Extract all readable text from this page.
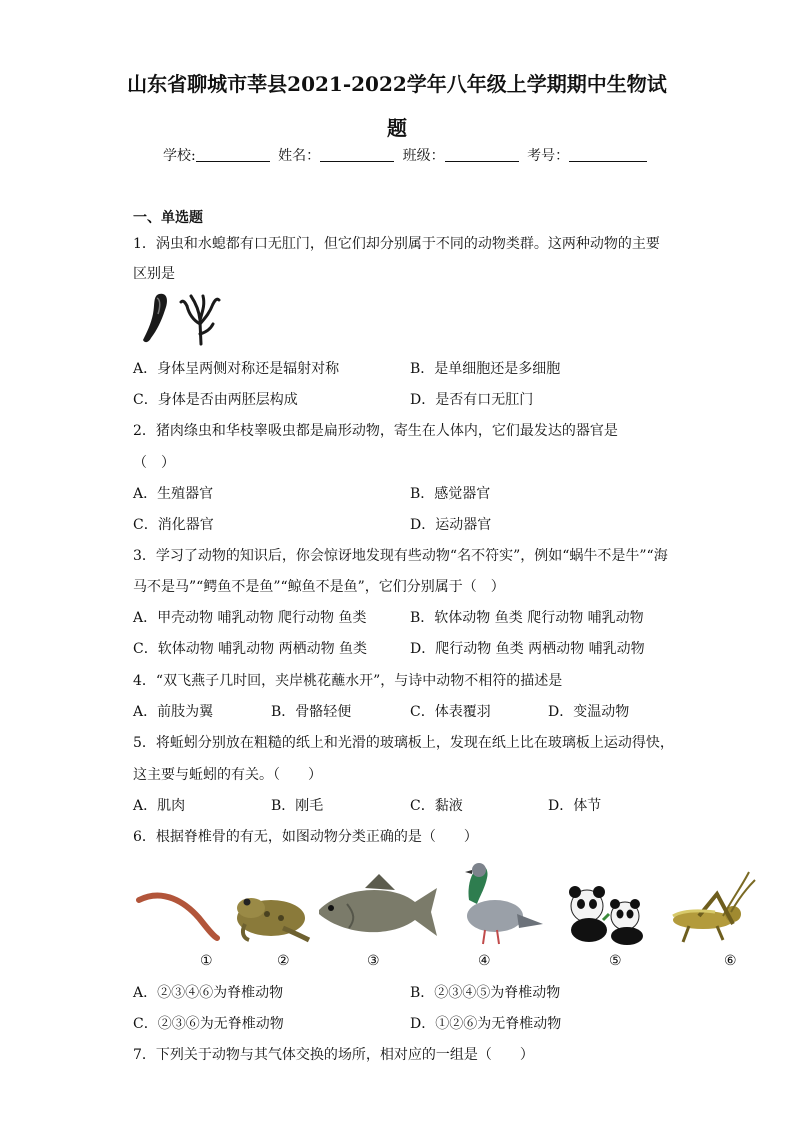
山东省聊城市莘县2021-2022学年八年级上学期期中生物试
题
学校:	姓名：	班级：	考号：
一、单选题
1．涡虫和水螅都有口无肛门，但它们却分别属于不同的动物类群。这两种动物的主要
区别是
A．身体呈两侧对称还是辐射对称	B．是单细胞还是多细胞
C．身体是否由两胚层构成	D．是否有口无肛门
2．猪肉绦虫和华枝睾吸虫都是扁形动物，寄生在人体内，它们最发达的器官是
（　）
A．生殖器官	B．感觉器官
C．消化器官	D．运动器官
3．学习了动物的知识后，你会惊讶地发现有些动物“名不符实”，例如“蜗牛不是牛”“海
马不是马”“鳄鱼不是鱼”“鲸鱼不是鱼”，它们分别属于（　）
A．甲壳动物 哺乳动物 爬行动物 鱼类	B．软体动物 鱼类 爬行动物 哺乳动物
C．软体动物 哺乳动物 两栖动物 鱼类	D．爬行动物 鱼类 两栖动物 哺乳动物
4．“双飞燕子几时回，夹岸桃花蘸水开”，与诗中动物不相符的描述是
A．前肢为翼	B．骨骼轻便	C．体表覆羽	D．变温动物
5．将蚯蚓分别放在粗糙的纸上和光滑的玻璃板上，发现在纸上比在玻璃板上运动得快，
这主要与蚯蚓的有关。（　　）
A．肌肉	B．刚毛	C．黏液	D．体节
6．根据脊椎骨的有无，如图动物分类正确的是（　　）
①	②	③	④	⑤	⑥
A．②③④⑥为脊椎动物	B．②③④⑤为脊椎动物
C．②③⑥为无脊椎动物	D．①②⑥为无脊椎动物
7．下列关于动物与其气体交换的场所，相对应的一组是（　　）
